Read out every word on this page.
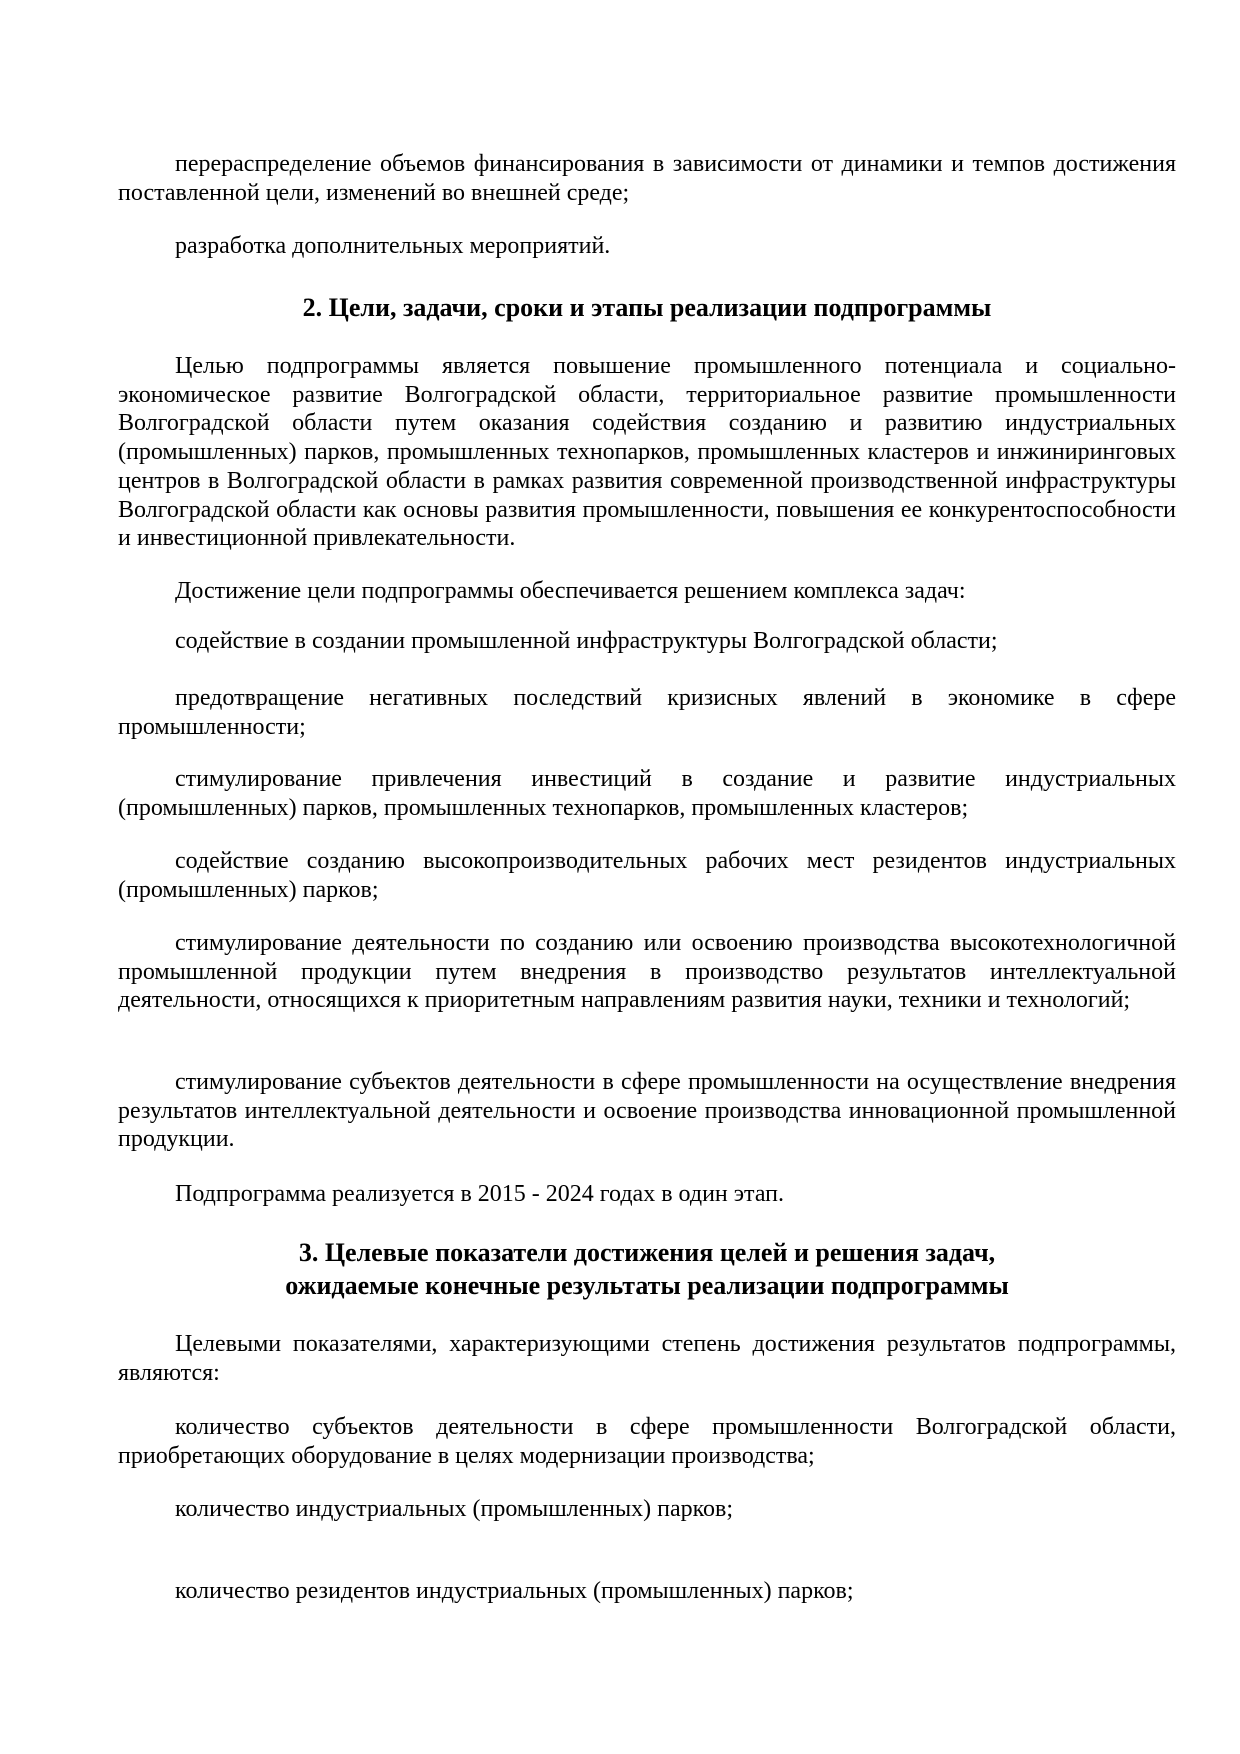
перераспределение объемов финансирования в зависимости от динамики и темпов достижения поставленной цели, изменений во внешней среде;

разработка дополнительных мероприятий.

2. Цели, задачи, сроки и этапы реализации подпрограммы

Целью подпрограммы является повышение промышленного потенциала и социально-экономическое развитие Волгоградской области, территориальное развитие промышленности Волгоградской области путем оказания содействия созданию и развитию индустриальных (промышленных) парков, промышленных технопарков, промышленных кластеров и инжиниринговых центров в Волгоградской области в рамках развития современной производственной инфраструктуры Волгоградской области как основы развития промышленности, повышения ее конкурентоспособности и инвестиционной привлекательности.

Достижение цели подпрограммы обеспечивается решением комплекса задач:

содействие в создании промышленной инфраструктуры Волгоградской области;

предотвращение негативных последствий кризисных явлений в экономике в сфере промышленности;

стимулирование привлечения инвестиций в создание и развитие индустриальных (промышленных) парков, промышленных технопарков, промышленных кластеров;

содействие созданию высокопроизводительных рабочих мест резидентов индустриальных (промышленных) парков;

стимулирование деятельности по созданию или освоению производства высокотехнологичной промышленной продукции путем внедрения в производство результатов интеллектуальной деятельности, относящихся к приоритетным направлениям развития науки, техники и технологий;

стимулирование субъектов деятельности в сфере промышленности на осуществление внедрения результатов интеллектуальной деятельности и освоение производства инновационной промышленной продукции.

Подпрограмма реализуется в 2015 - 2024 годах в один этап.

3. Целевые показатели достижения целей и решения задач,
ожидаемые конечные результаты реализации подпрограммы

Целевыми показателями, характеризующими степень достижения результатов подпрограммы, являются:

количество субъектов деятельности в сфере промышленности Волгоградской области, приобретающих оборудование в целях модернизации производства;

количество индустриальных (промышленных) парков;

количество резидентов индустриальных (промышленных) парков;
